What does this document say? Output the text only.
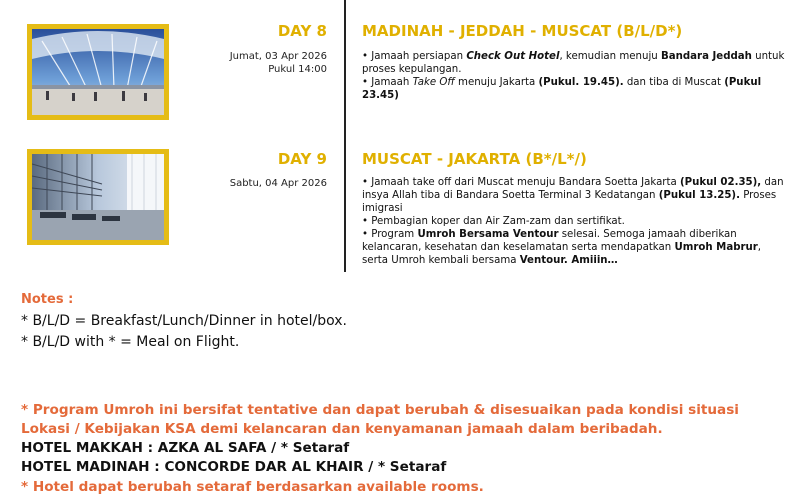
DAY 8
Jumat, 03 Apr 2026
Pukul 14:00
MADINAH - JEDDAH - MUSCAT (B/L/D*)

• Jamaah persiapan Check Out Hotel, kemudian menuju Bandara Jeddah untuk proses kepulangan.

• Jamaah Take Off menuju Jakarta (Pukul. 19.45). dan tiba di Muscat (Pukul 23.45)

DAY 9
Sabtu, 04 Apr 2026
MUSCAT - JAKARTA (B*/L*/)

• Jamaah take off dari Muscat menuju Bandara Soetta Jakarta (Pukul 02.35), dan insya Allah tiba di Bandara Soetta Terminal 3 Kedatangan (Pukul 13.25). Proses imigrasi

• Pembagian koper dan Air Zam-zam dan sertifikat.

• Program Umroh Bersama Ventour selesai. Semoga jamaah diberikan kelancaran, kesehatan dan keselamatan serta mendapatkan Umroh Mabrur, serta Umroh kembali bersama Ventour. Amiiin…

Notes :
* B/L/D = Breakfast/Lunch/Dinner in hotel/box.
* B/L/D with * = Meal on Flight.
* Program Umroh ini bersifat tentative dan dapat berubah & disesuaikan pada kondisi situasi Lokasi / Kebijakan KSA demi kelancaran dan kenyamanan jamaah dalam beribadah.
HOTEL MAKKAH : AZKA AL SAFA / * Setaraf
HOTEL MADINAH : CONCORDE DAR AL KHAIR / * Setaraf
* Hotel dapat berubah setaraf berdasarkan available rooms.
